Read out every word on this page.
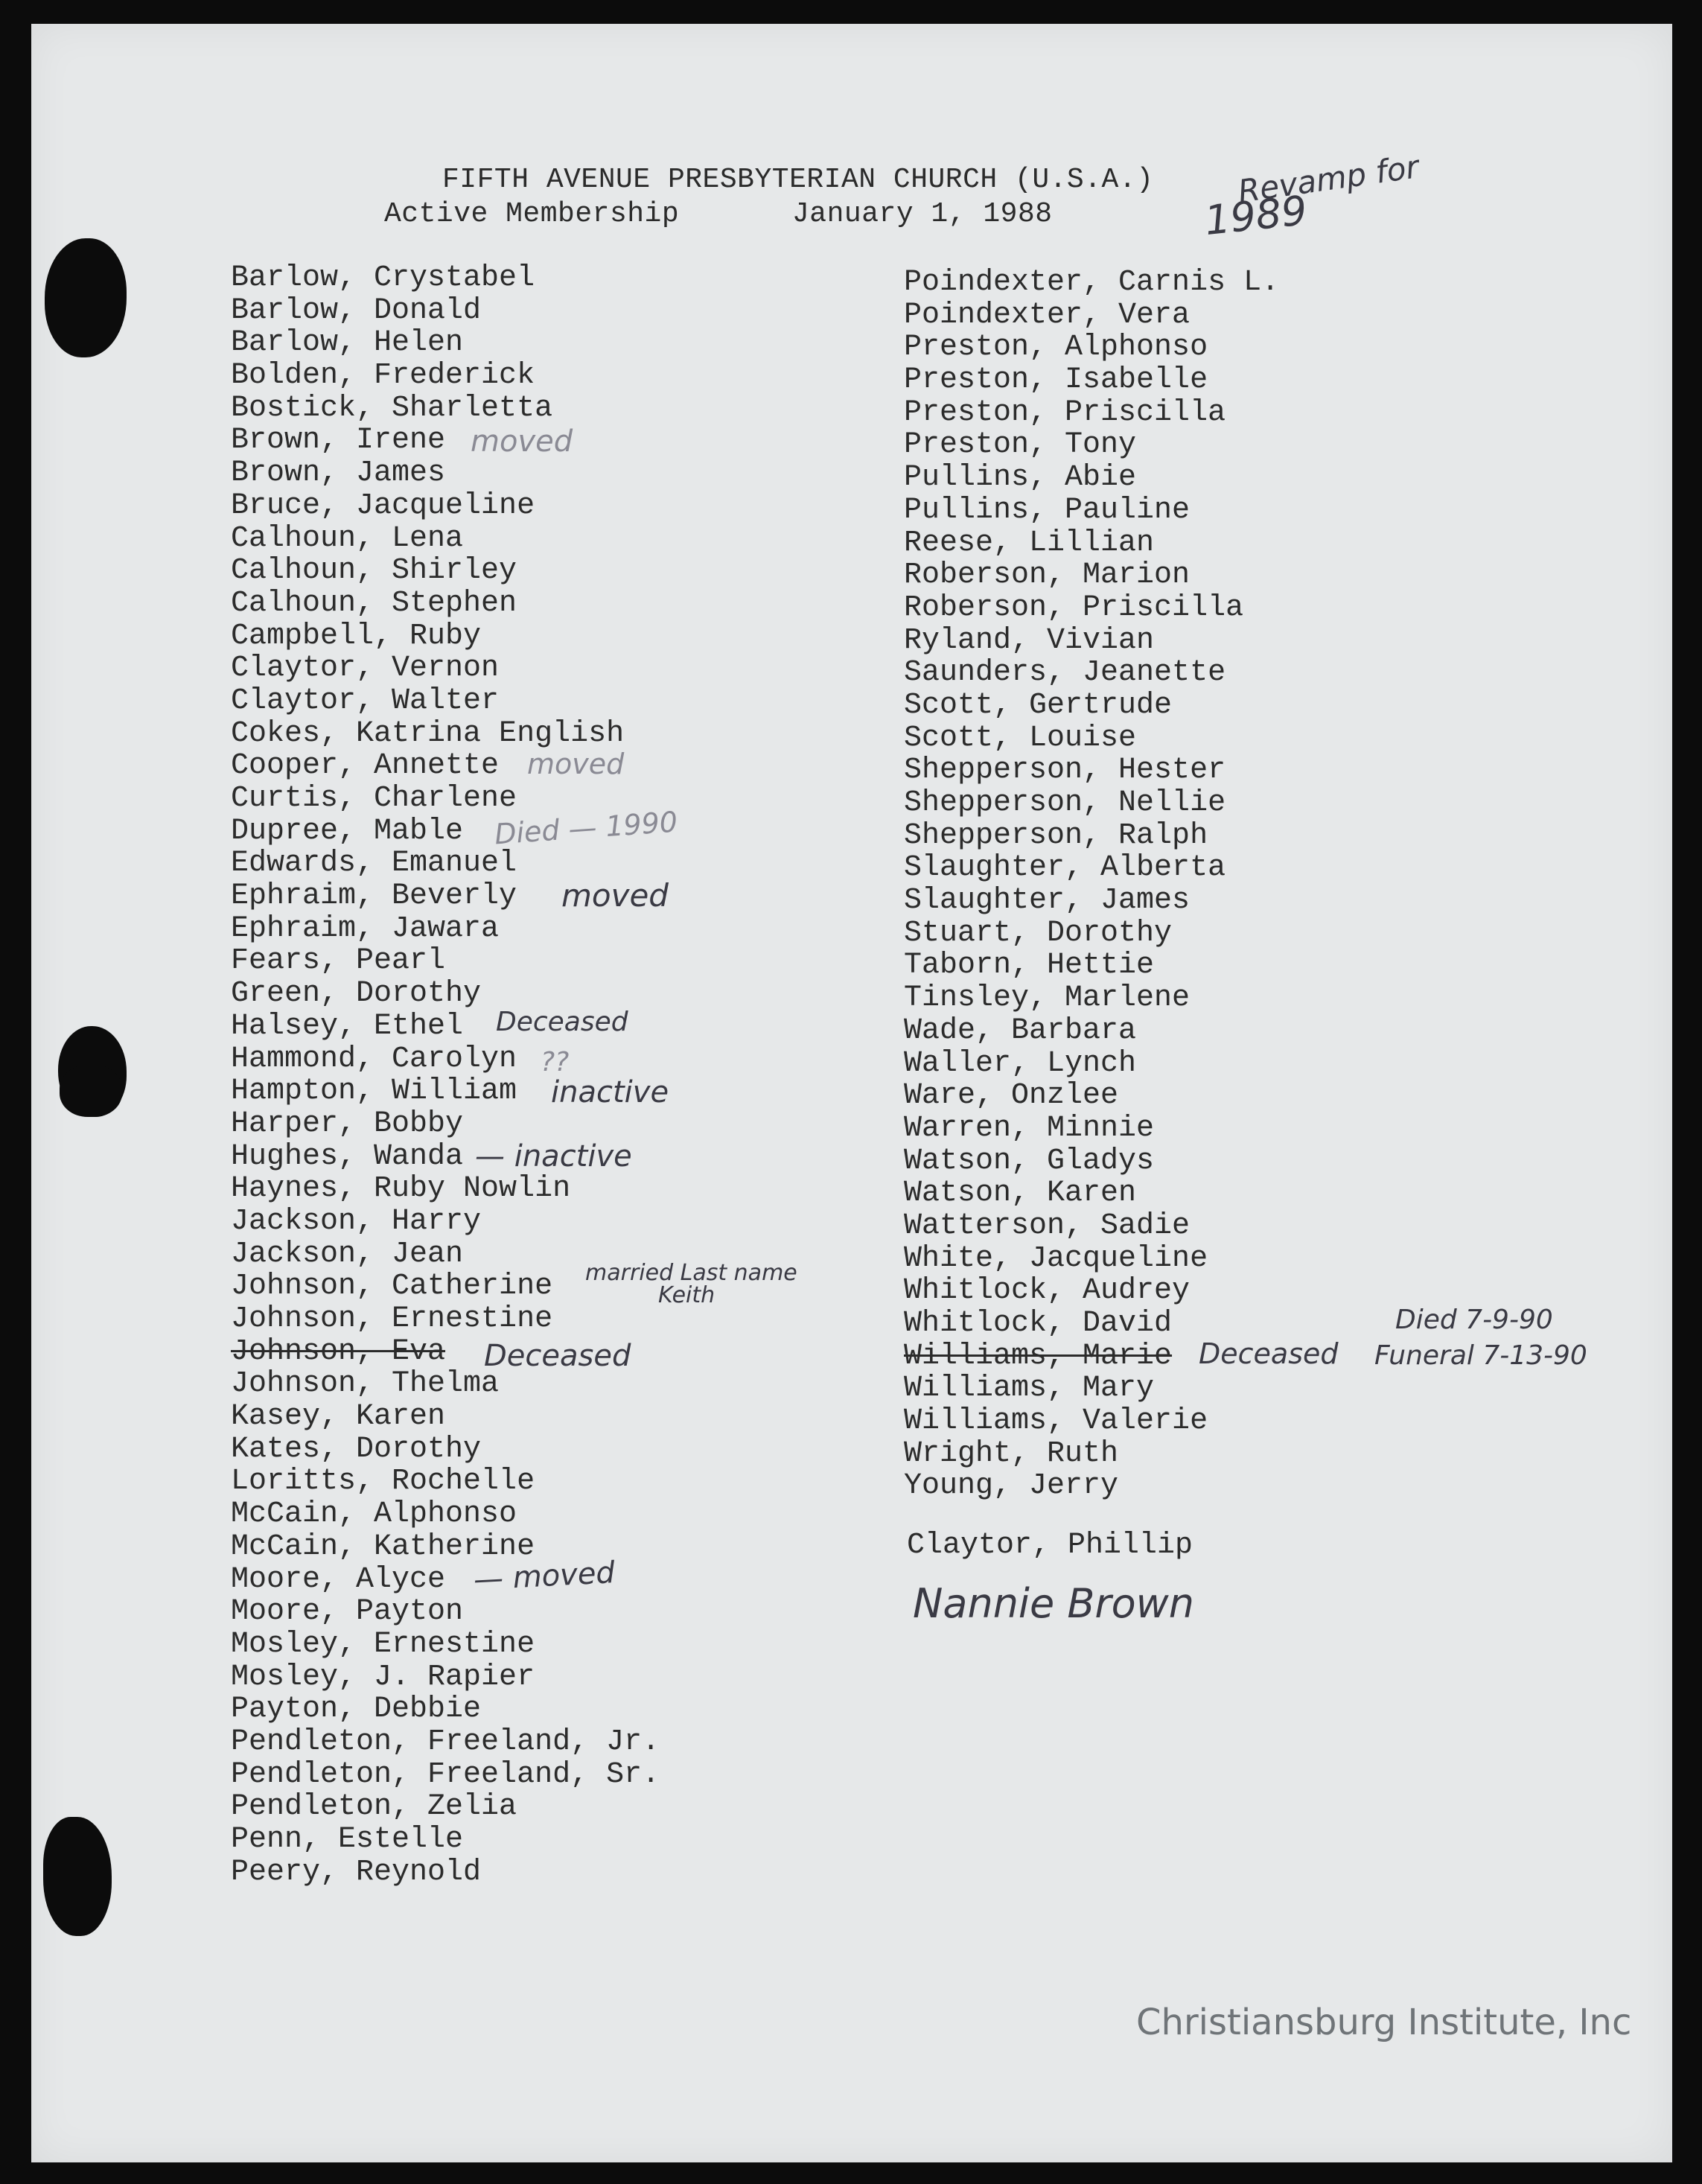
FIFTH AVENUE PRESBYTERIAN CHURCH (U.S.A.)
Active Membership	January 1, 1988
Barlow, Crystabel
Barlow, Donald
Barlow, Helen
Bolden, Frederick
Bostick, Sharletta
Brown, Irene
Brown, James
Bruce, Jacqueline
Calhoun, Lena
Calhoun, Shirley
Calhoun, Stephen
Campbell, Ruby
Claytor, Vernon
Claytor, Walter
Cokes, Katrina English
Cooper, Annette
Curtis, Charlene
Dupree, Mable
Edwards, Emanuel
Ephraim, Beverly
Ephraim, Jawara
Fears, Pearl
Green, Dorothy
Halsey, Ethel
Hammond, Carolyn
Hampton, William
Harper, Bobby
Hughes, Wanda
Haynes, Ruby Nowlin
Jackson, Harry
Jackson, Jean
Johnson, Catherine
Johnson, Ernestine
Johnson, Eva
Johnson, Thelma
Kasey, Karen
Kates, Dorothy
Loritts, Rochelle
McCain, Alphonso
McCain, Katherine
Moore, Alyce
Moore, Payton
Mosley, Ernestine
Mosley, J. Rapier
Payton, Debbie
Pendleton, Freeland, Jr.
Pendleton, Freeland, Sr.
Pendleton, Zelia
Penn, Estelle
Peery, Reynold
Poindexter, Carnis L.
Poindexter, Vera
Preston, Alphonso
Preston, Isabelle
Preston, Priscilla
Preston, Tony
Pullins, Abie
Pullins, Pauline
Reese, Lillian
Roberson, Marion
Roberson, Priscilla
Ryland, Vivian
Saunders, Jeanette
Scott, Gertrude
Scott, Louise
Shepperson, Hester
Shepperson, Nellie
Shepperson, Ralph
Slaughter, Alberta
Slaughter, James
Stuart, Dorothy
Taborn, Hettie
Tinsley, Marlene
Wade, Barbara
Waller, Lynch
Ware, Onzlee
Warren, Minnie
Watson, Gladys
Watson, Karen
Watterson, Sadie
White, Jacqueline
Whitlock, Audrey
Whitlock, David
Williams, Marie
Williams, Mary
Williams, Valerie
Wright, Ruth
Young, Jerry
Claytor, Phillip
Revamp for
1989
moved
moved
Died — 1990
moved
Deceased
??
inactive
— inactive
married Last name
Keith
Deceased
— moved
Deceased
Died 7-9-90
Funeral 7-13-90
Nannie Brown
Christiansburg Institute, Inc
